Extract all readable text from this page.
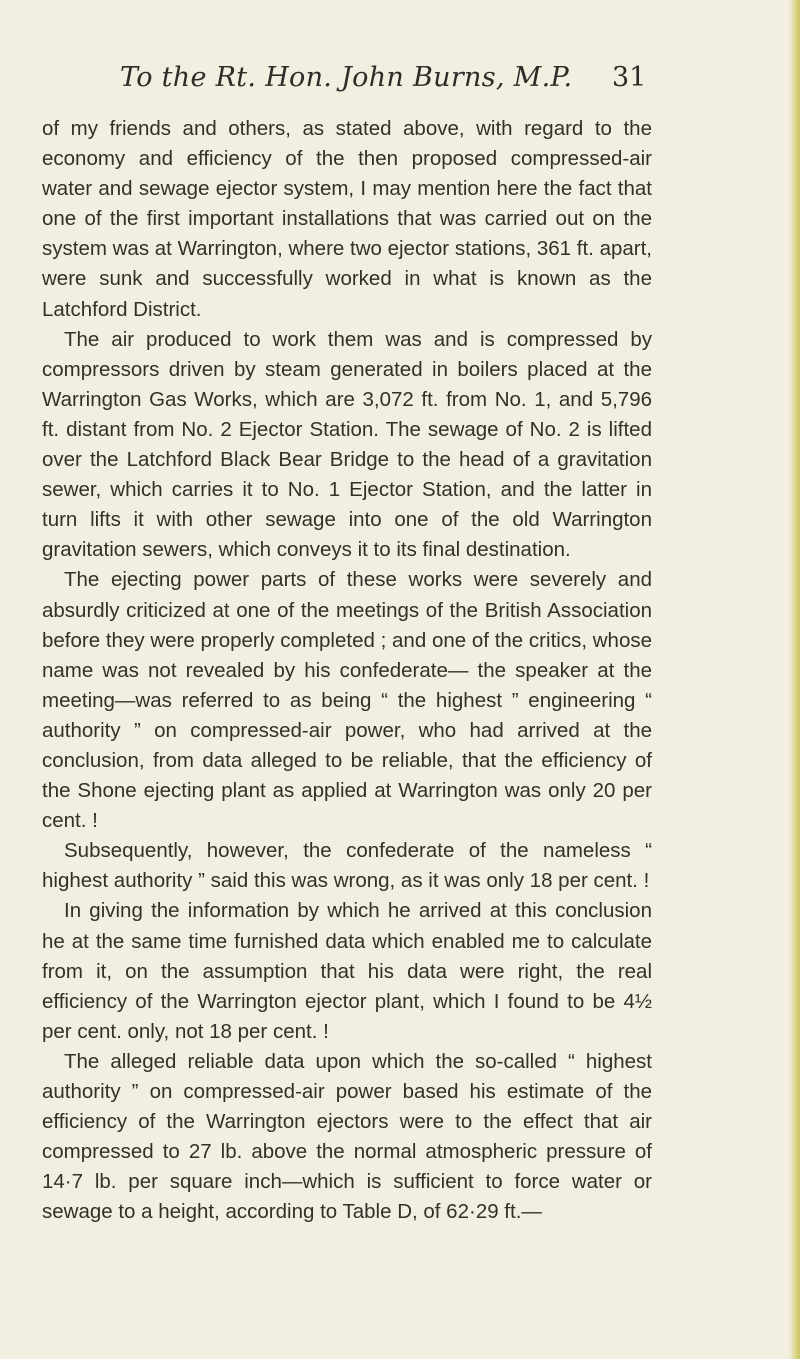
To the Rt. Hon. John Burns, M.P. 31

of my friends and others, as stated above, with regard to the economy and efficiency of the then proposed compressed-air water and sewage ejector system, I may mention here the fact that one of the first important installations that was carried out on the system was at Warrington, where two ejector stations, 361 ft. apart, were sunk and successfully worked in what is known as the Latchford District.

The air produced to work them was and is compressed by compressors driven by steam generated in boilers placed at the Warrington Gas Works, which are 3,072 ft. from No. 1, and 5,796 ft. distant from No. 2 Ejector Station. The sewage of No. 2 is lifted over the Latchford Black Bear Bridge to the head of a gravitation sewer, which carries it to No. 1 Ejector Station, and the latter in turn lifts it with other sewage into one of the old Warrington gravitation sewers, which conveys it to its final destination.

The ejecting power parts of these works were severely and absurdly criticized at one of the meetings of the British Association before they were properly completed ; and one of the critics, whose name was not revealed by his confederate— the speaker at the meeting—was referred to as being “ the highest ” engineering “ authority ” on compressed-air power, who had arrived at the conclusion, from data alleged to be reliable, that the efficiency of the Shone ejecting plant as applied at Warrington was only 20 per cent. !

Subsequently, however, the confederate of the nameless “ highest authority ” said this was wrong, as it was only 18 per cent. !

In giving the information by which he arrived at this conclusion he at the same time furnished data which enabled me to calculate from it, on the assumption that his data were right, the real efficiency of the Warrington ejector plant, which I found to be 4½ per cent. only, not 18 per cent. !

The alleged reliable data upon which the so-called “ highest authority ” on compressed-air power based his estimate of the efficiency of the Warrington ejectors were to the effect that air compressed to 27 lb. above the normal atmospheric pressure of 14·7 lb. per square inch—which is sufficient to force water or sewage to a height, according to Table D, of 62·29 ft.—
